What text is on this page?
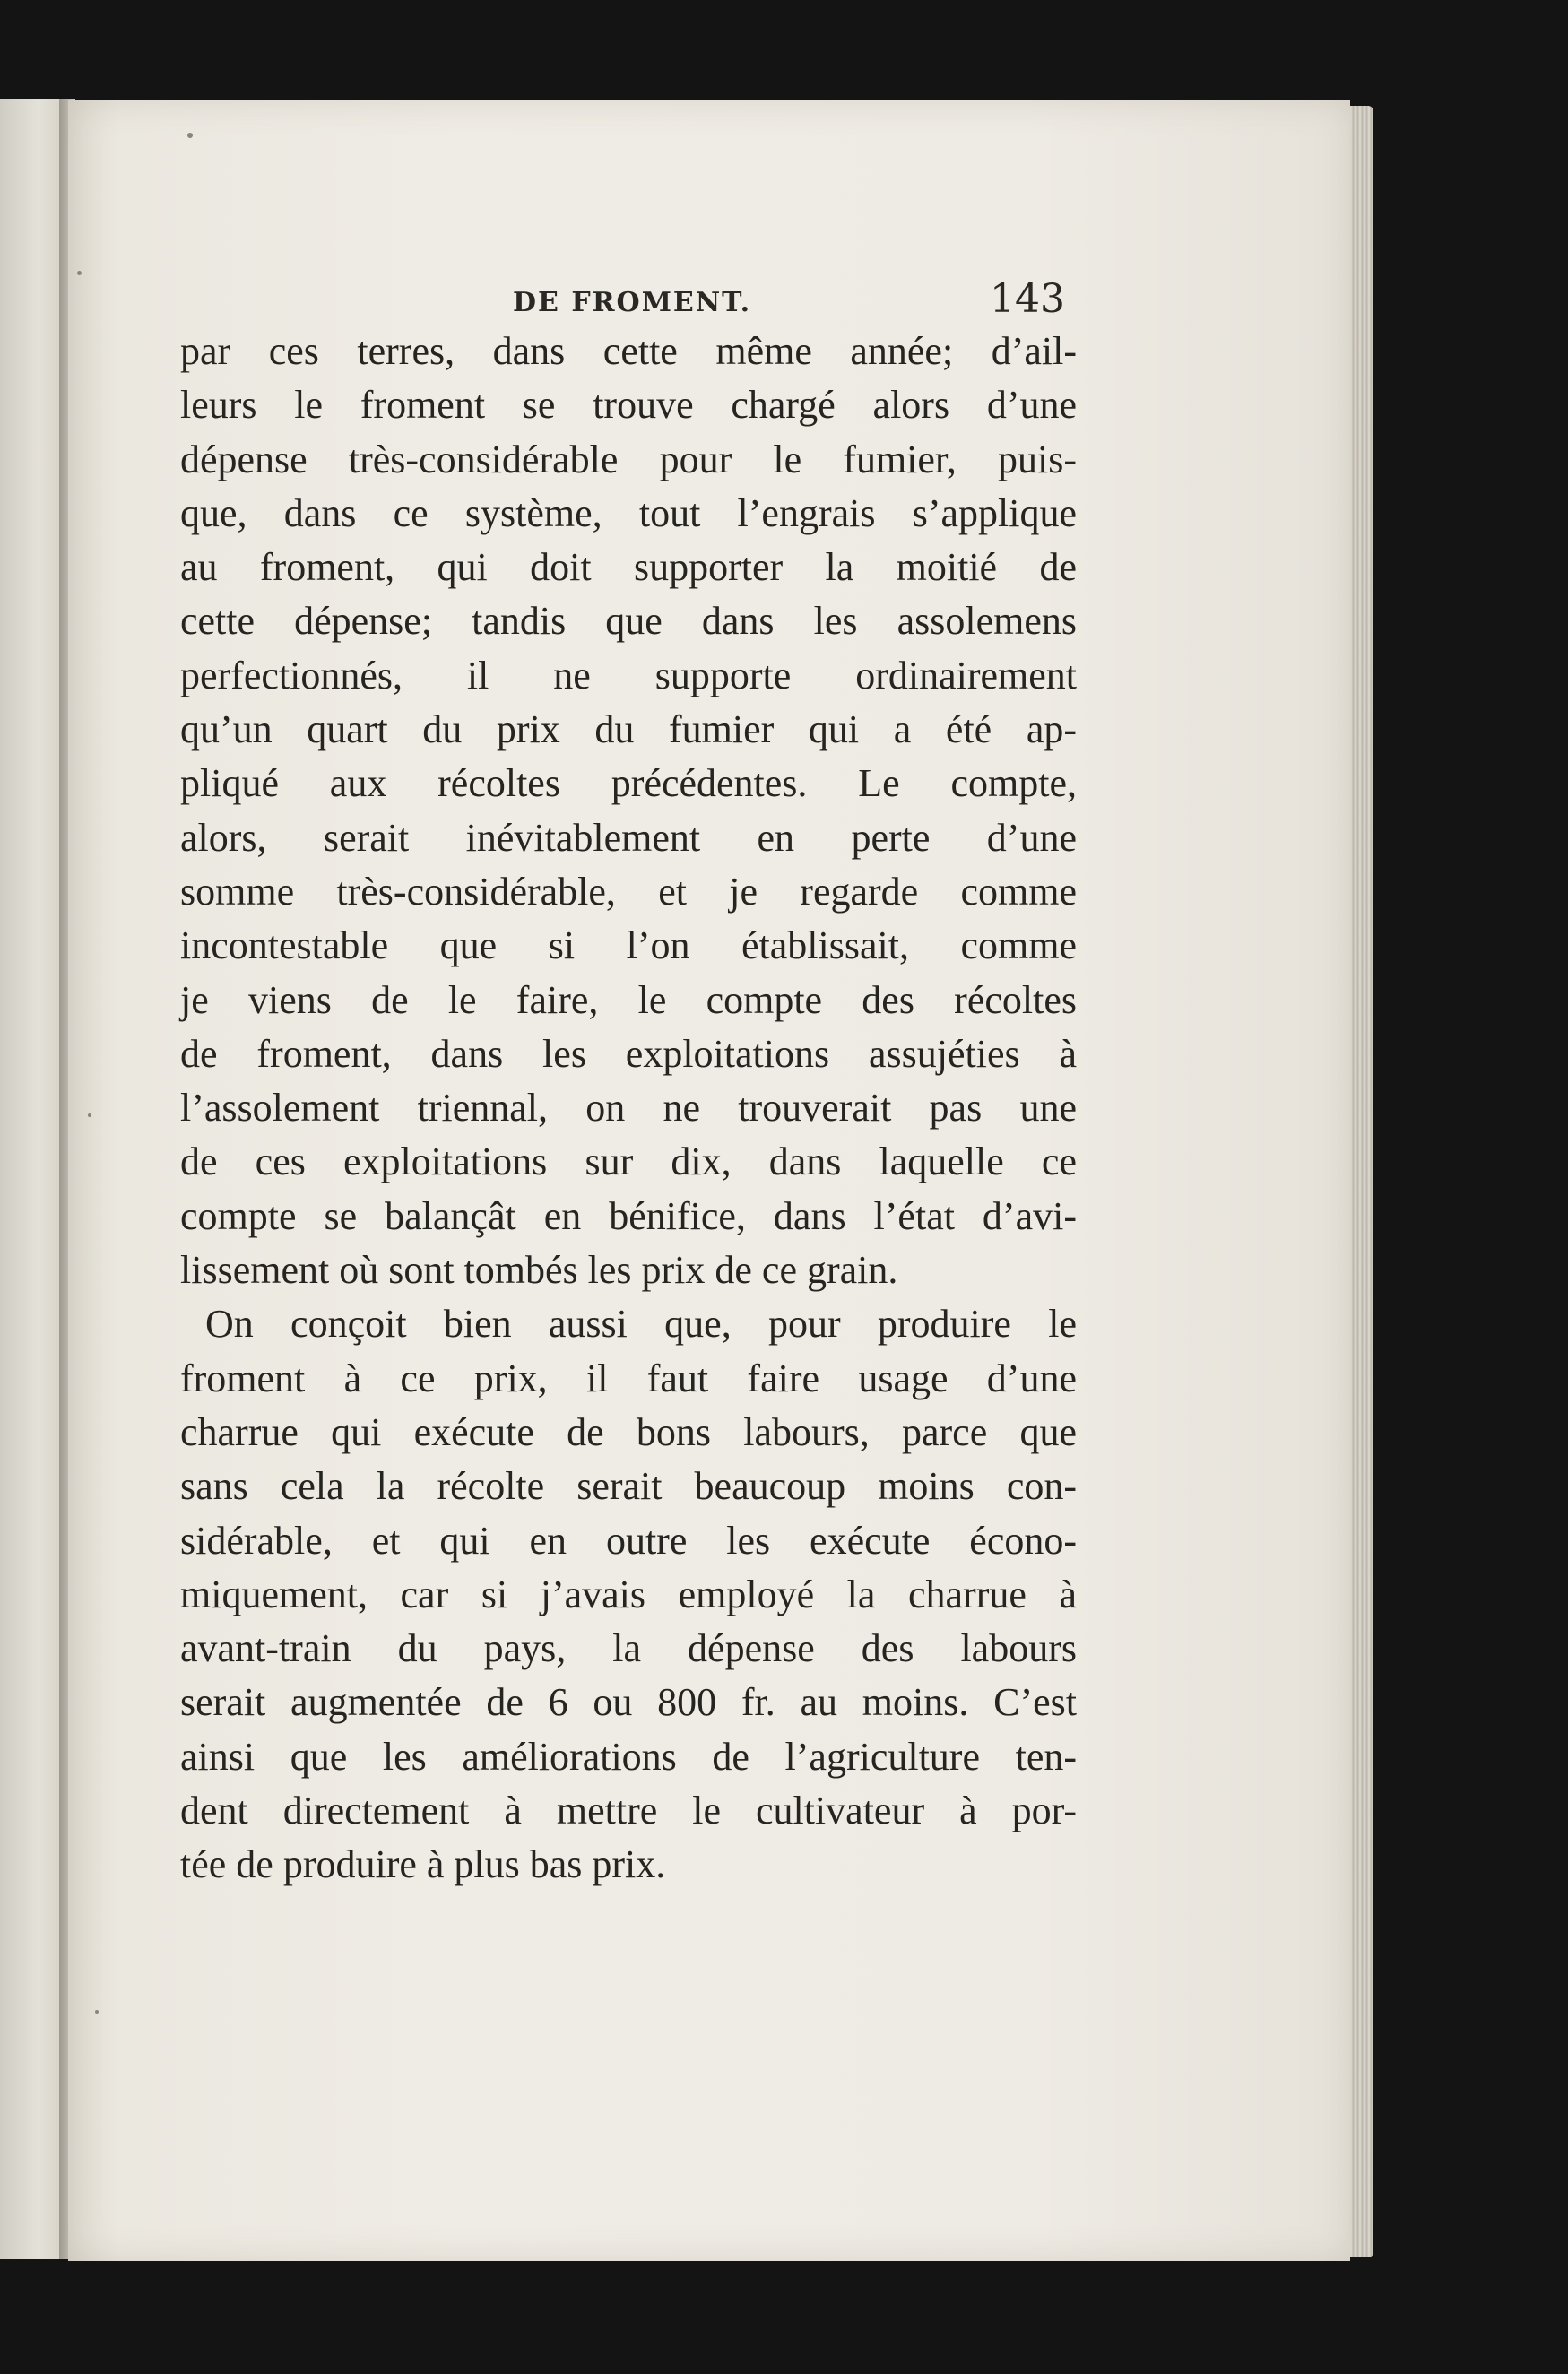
DE FROMENT.	143
par ces terres, dans cette même année; d’ail-
leurs le froment se trouve chargé alors d’une
dépense très-considérable pour le fumier, puis-
que, dans ce système, tout l’engrais s’applique
au froment, qui doit supporter la moitié de
cette dépense; tandis que dans les assolemens
perfectionnés, il ne supporte ordinairement
qu’un quart du prix du fumier qui a été ap-
pliqué aux récoltes précédentes. Le compte,
alors, serait inévitablement en perte d’une
somme très-considérable, et je regarde comme
incontestable que si l’on établissait, comme
je viens de le faire, le compte des récoltes
de froment, dans les exploitations assujéties à
l’assolement triennal, on ne trouverait pas une
de ces exploitations sur dix, dans laquelle ce
compte se balançât en bénifice, dans l’état d’avi-
lissement où sont tombés les prix de ce grain.
On conçoit bien aussi que, pour produire le
froment à ce prix, il faut faire usage d’une
charrue qui exécute de bons labours, parce que
sans cela la récolte serait beaucoup moins con-
sidérable, et qui en outre les exécute écono-
miquement, car si j’avais employé la charrue à
avant-train du pays, la dépense des labours
serait augmentée de 6 ou 800 fr. au moins. C’est
ainsi que les améliorations de l’agriculture ten-
dent directement à mettre le cultivateur à por-
tée de produire à plus bas prix.
